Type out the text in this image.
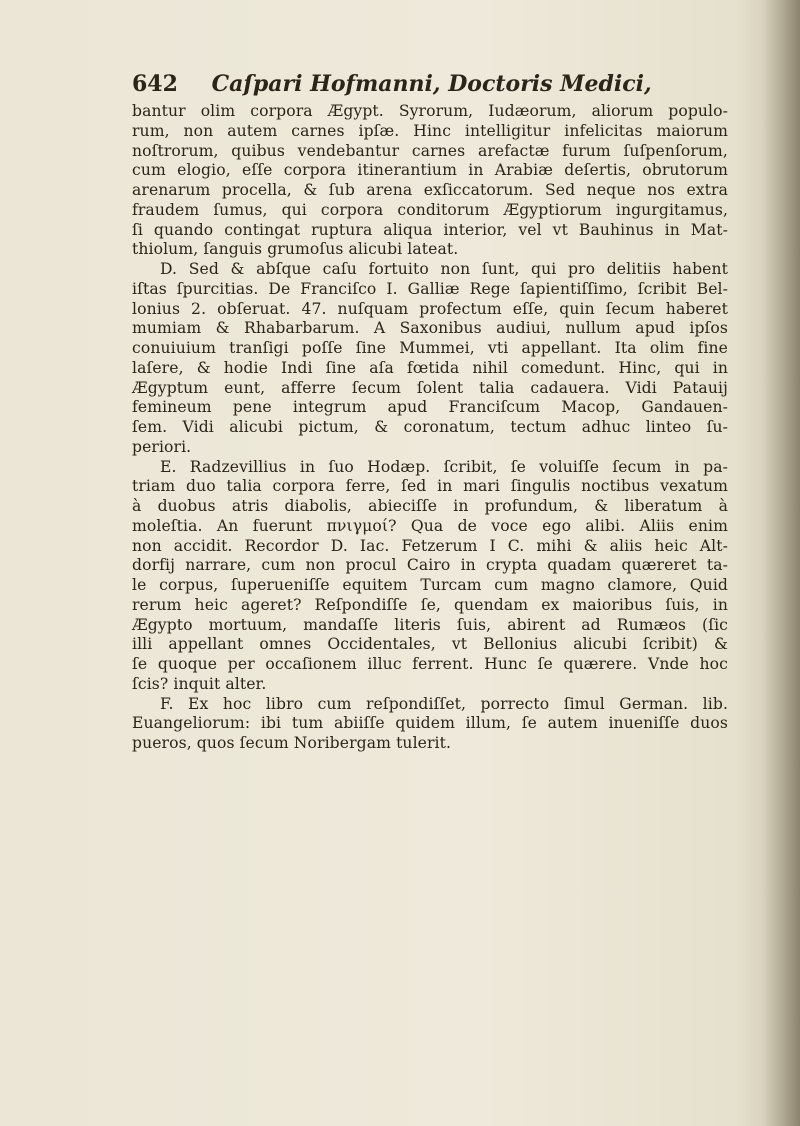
642 Caſpari Hofmanni, Doctoris Medici,
bantur olim corpora Ægypt. Syrorum, Iudæorum, aliorum populo-
rum, non autem carnes ipſæ. Hinc intelligitur infelicitas maiorum
noſtrorum, quibus vendebantur carnes arefactæ furum ſuſpenſorum,
cum elogio, eſſe corpora itinerantium in Arabiæ deſertis, obrutorum
arenarum procella, & ſub arena exſiccatorum. Sed neque nos extra
fraudem ſumus, qui corpora conditorum Ægyptiorum ingurgitamus,
ſi quando contingat ruptura aliqua interior, vel vt Bauhinus in Mat-
thiolum, ſanguis grumoſus alicubi lateat.
D. Sed & abſque caſu fortuito non ſunt, qui pro delitiis habent
iſtas ſpurcitias. De Franciſco I. Galliæ Rege ſapientiſſimo, ſcribit Bel-
lonius 2. obſeruat. 47. nuſquam profectum eſſe, quin ſecum haberet
mumiam & Rhabarbarum. A Saxonibus audiui, nullum apud ipſos
conuiuium tranſigi poſſe ſine Mummei, vti appellant. Ita olim fine
laſere, & hodie Indi ſine aſa fœtida nihil comedunt. Hinc, qui in
Ægyptum eunt, afferre ſecum ſolent talia cadauera. Vidi Patauij
femineum pene integrum apud Franciſcum Macop, Gandauen-
ſem. Vidi alicubi pictum, & coronatum, tectum adhuc linteo ſu-
periori.
E. Radzevillius in ſuo Hodæp. ſcribit, ſe voluiſſe ſecum in pa-
triam duo talia corpora ferre, ſed in mari ſingulis noctibus vexatum
à duobus atris diabolis, abieciſſe in profundum, & liberatum à
moleſtia. An fuerunt πνιγμοί? Qua de voce ego alibi. Aliis enim
non accidit. Recordor D. Iac. Fetzerum I C. mihi & aliis heic Alt-
dorfij narrare, cum non procul Cairo in crypta quadam quæreret ta-
le corpus, ſuperueniſſe equitem Turcam cum magno clamore, Quid
rerum heic ageret? Reſpondiſſe ſe, quendam ex maioribus ſuis, in
Ægypto mortuum, mandaſſe literis ſuis, abirent ad Rumæos (ſic
illi appellant omnes Occidentales, vt Bellonius alicubi ſcribit) &
ſe quoque per occaſionem illuc ferrent. Hunc ſe quærere. Vnde hoc
ſcis? inquit alter.
F. Ex hoc libro cum reſpondiſſet, porrecto ſimul German. lib.
Euangeliorum: ibi tum abiiſſe quidem illum, ſe autem inueniſſe duos
pueros, quos ſecum Noribergam tulerit.
